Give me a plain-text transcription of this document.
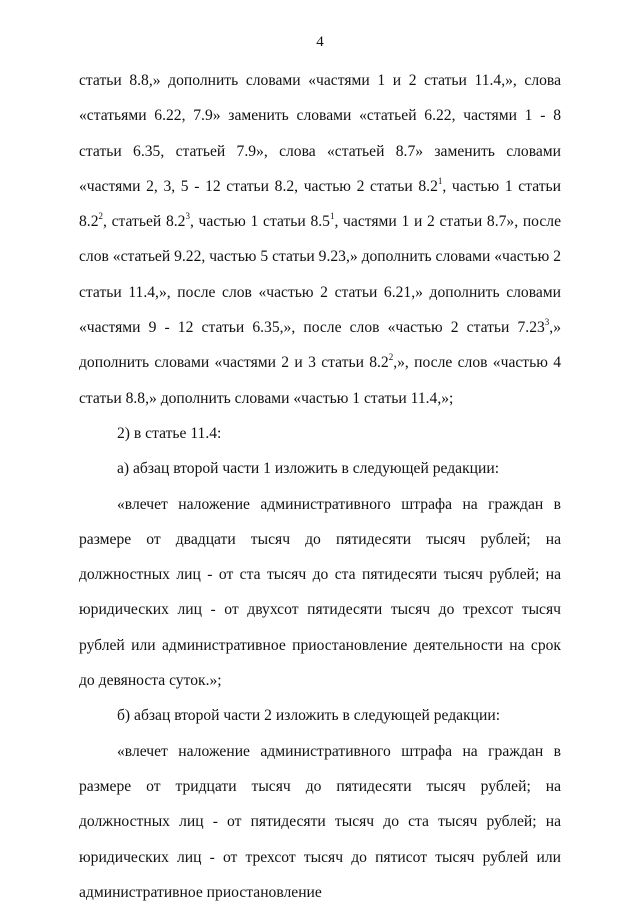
4

статьи 8.8,» дополнить словами «частями 1 и 2 статьи 11.4,», слова «статьями 6.22, 7.9» заменить словами «статьей 6.22, частями 1 - 8 статьи 6.35, статьей 7.9», слова «статьей 8.7» заменить словами «частями 2, 3, 5 - 12 статьи 8.2, частью 2 статьи $8.2^1$, частью 1 статьи $8.2^2$, статьей $8.2^3$, частью 1 статьи $8.5^1$, частями 1 и 2 статьи 8.7», после слов «статьей 9.22, частью 5 статьи 9.23,» дополнить словами «частью 2 статьи 11.4,», после слов «частью 2 статьи 6.21,» дополнить словами «частями 9 - 12 статьи 6.35,», после слов «частью 2 статьи 7.23$^3$,» дополнить словами «частями 2 и 3 статьи $8.2^2$,», после слов «частью 4 статьи 8.8,» дополнить словами «частью 1 статьи 11.4,»;

2) в статье 11.4:

а) абзац второй части 1 изложить в следующей редакции:

«влечет наложение административного штрафа на граждан в размере от двадцати тысяч до пятидесяти тысяч рублей; на должностных лиц - от ста тысяч до ста пятидесяти тысяч рублей; на юридических лиц - от двухсот пятидесяти тысяч до трехсот тысяч рублей или административное приостановление деятельности на срок до девяноста суток.»;

б) абзац второй части 2 изложить в следующей редакции:

«влечет наложение административного штрафа на граждан в размере от тридцати тысяч до пятидесяти тысяч рублей; на должностных лиц - от пятидесяти тысяч до ста тысяч рублей; на юридических лиц - от трехсот тысяч до пятисот тысяч рублей или административное приостановление
